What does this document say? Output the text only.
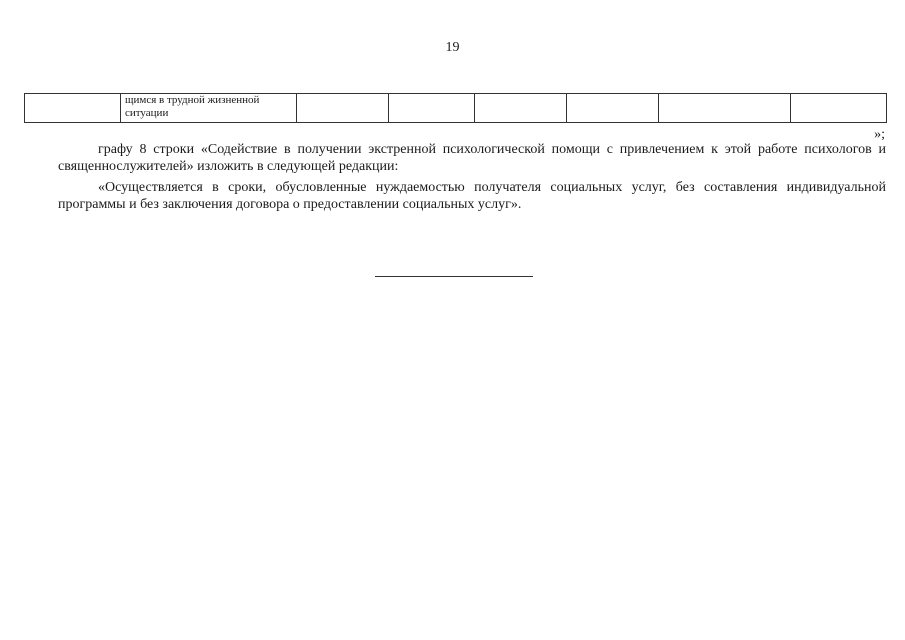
19
	щимся в трудной жизненной ситуации						
»;

графу 8 строки «Содействие в получении экстренной психологической помощи с привлечением к этой работе психологов и священнослужителей» изложить в следующей редакции:

«Осуществляется в сроки, обусловленные нуждаемостью получателя социальных услуг, без составления индивидуальной программы и без заключения договора о предоставлении социальных услуг».
